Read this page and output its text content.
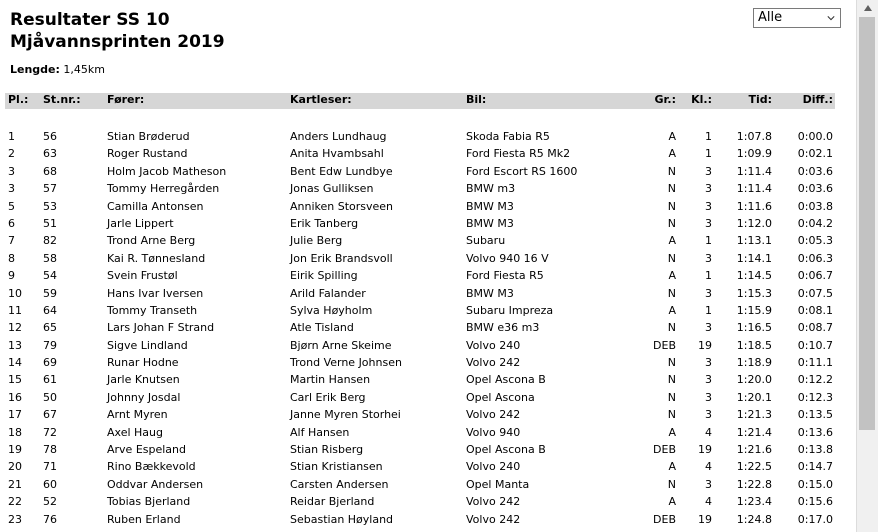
Resultater SS 10
Mjåvannsprinten 2019
Lengde: 1,45km
Alle
Pl.: St.nr.: Fører:	Kartleser:	Bil:	Gr.:	Kl.:	Tid:	Diff.:
1	56	Stian Brøderud	Anders Lundhaug	Skoda Fabia R5	A	1	1:07.8	0:00.0
2	63	Roger Rustand	Anita Hvambsahl	Ford Fiesta R5 Mk2	A	1	1:09.9	0:02.1
3	68	Holm Jacob Matheson	Bent Edw Lundbye	Ford Escort RS 1600	N	3	1:11.4	0:03.6
3	57	Tommy Herregården	Jonas Gulliksen	BMW m3	N	3	1:11.4	0:03.6
5	53	Camilla Antonsen	Anniken Storsveen	BMW M3	N	3	1:11.6	0:03.8
6	51	Jarle Lippert	Erik Tanberg	BMW M3	N	3	1:12.0	0:04.2
7	82	Trond Arne Berg	Julie Berg	Subaru	A	1	1:13.1	0:05.3
8	58	Kai R. Tønnesland	Jon Erik Brandsvoll	Volvo 940 16 V	N	3	1:14.1	0:06.3
9	54	Svein Frustøl	Eirik Spilling	Ford Fiesta R5	A	1	1:14.5	0:06.7
10 59	Hans Ivar Iversen	Arild Falander	BMW M3	N	3	1:15.3	0:07.5
11 64	Tommy Transeth	Sylva Høyholm	Subaru Impreza	A	1	1:15.9	0:08.1
12 65	Lars Johan F Strand	Atle Tisland	BMW e36 m3	N	3	1:16.5	0:08.7
13 79	Sigve Lindland	Bjørn Arne Skeime	Volvo 240	DEB	19	1:18.5	0:10.7
14 69	Runar Hodne	Trond Verne Johnsen	Volvo 242	N	3	1:18.9	0:11.1
15 61	Jarle Knutsen	Martin Hansen	Opel Ascona B	N	3	1:20.0	0:12.2
16 50	Johnny Josdal	Carl Erik Berg	Opel Ascona	N	3	1:20.1	0:12.3
17 67	Arnt Myren	Janne Myren Storhei	Volvo 242	N	3	1:21.3	0:13.5
18 72	Axel Haug	Alf Hansen	Volvo 940	A	4	1:21.4	0:13.6
19 78	Arve Espeland	Stian Risberg	Opel Ascona B	DEB	19	1:21.6	0:13.8
20 71	Rino Bækkevold	Stian Kristiansen	Volvo 240	A	4	1:22.5	0:14.7
21 60	Oddvar Andersen	Carsten Andersen	Opel Manta	N	3	1:22.8	0:15.0
22 52	Tobias Bjerland	Reidar Bjerland	Volvo 242	A	4	1:23.4	0:15.6
23 76	Ruben Erland	Sebastian Høyland	Volvo 242	DEB	19	1:24.8	0:17.0
